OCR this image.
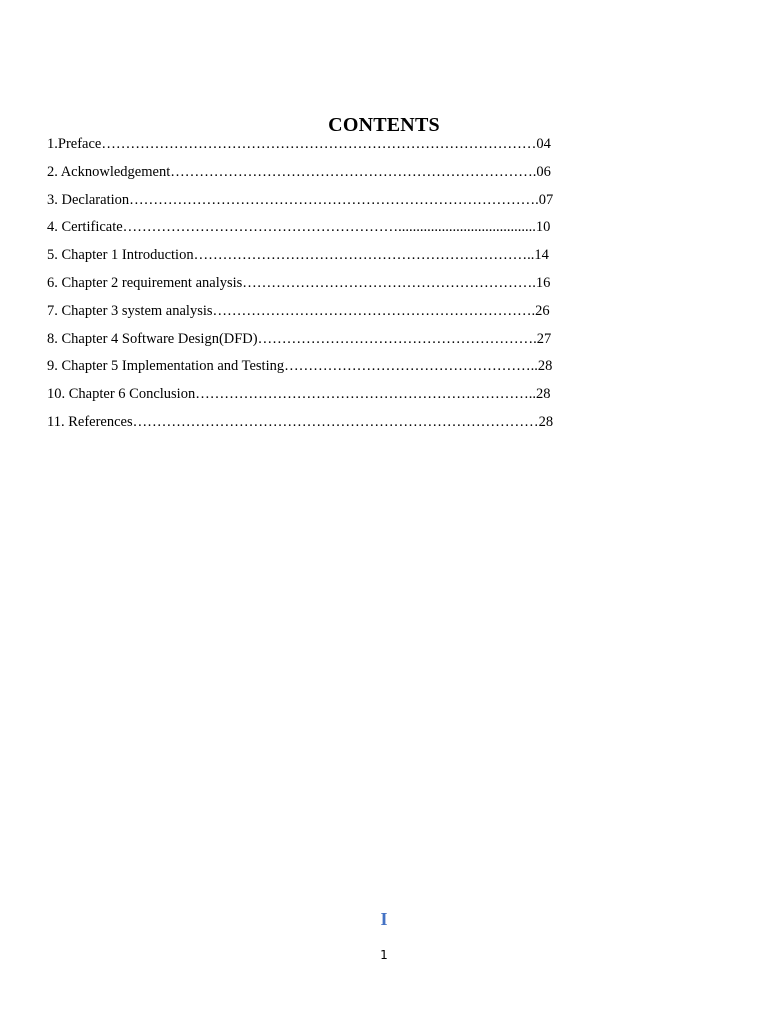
CONTENTS
1.Preface………………………………………………………………………………04
2. Acknowledgement………………………………………………………………….06
3. Declaration………………………………………………………………………….07
4. Certificate…………………………………………………......................................10
5. Chapter 1 Introduction……………………………………………………………..14
6. Chapter 2 requirement analysis…………………………………………………….16
7. Chapter 3 system analysis………………………………………………………….26
8. Chapter 4 Software Design(DFD)………………………………………………….27
9. Chapter 5 Implementation and Testing……………………………………………..28
10. Chapter 6 Conclusion……………………………………………………………..28
11. References…………………………………………………………………………28
I
1
